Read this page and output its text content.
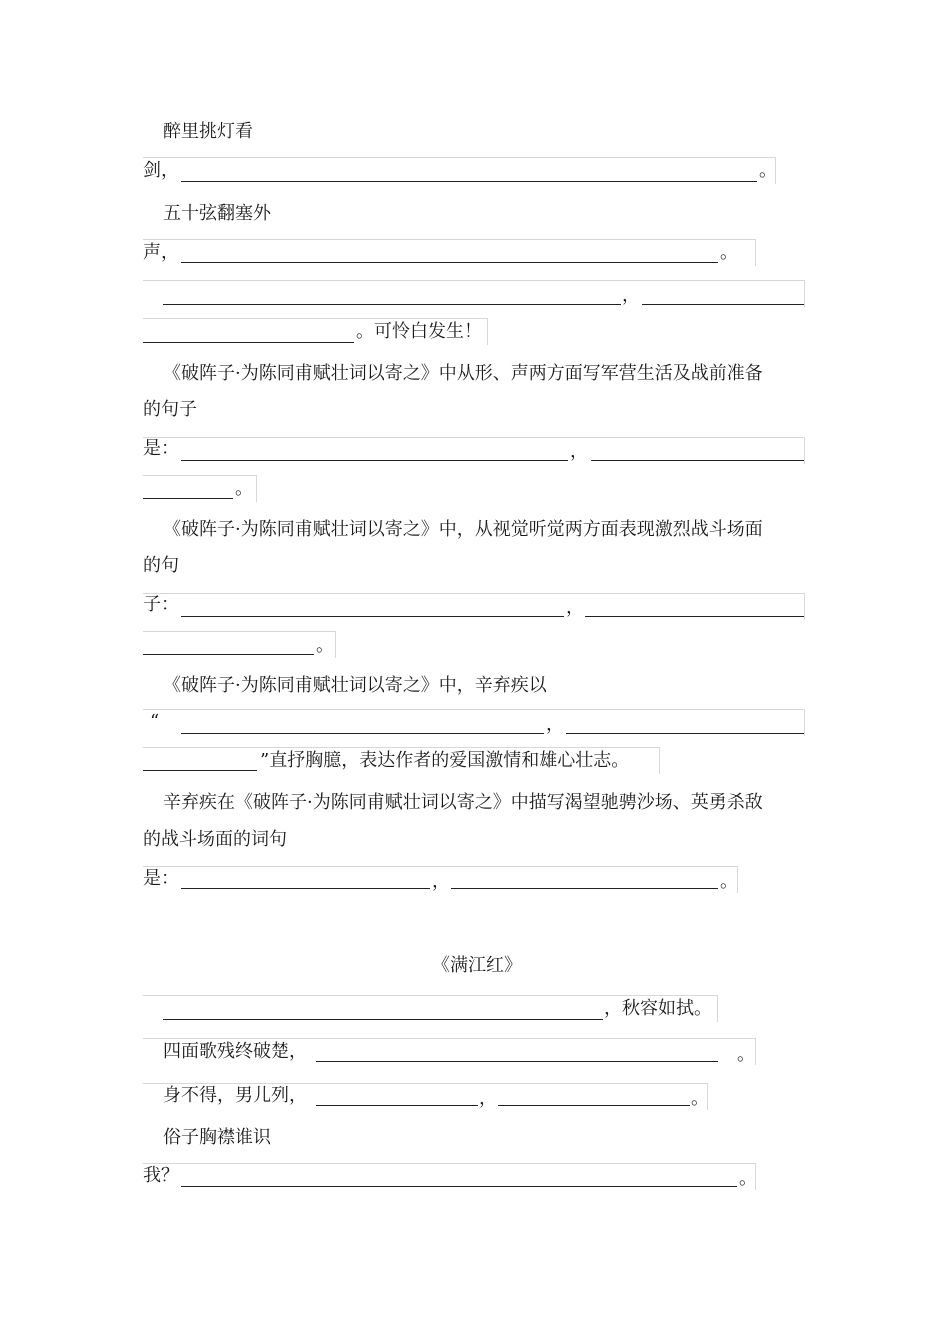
醉里挑灯看
剑，	。
五十弦翻塞外
声，	。
，
。可怜白发生！
《破阵子·为陈同甫赋壮词以寄之》中从形、声两方面写军营生活及战前准备
的句子
是：	，
。
《破阵子·为陈同甫赋壮词以寄之》中，从视觉听觉两方面表现激烈战斗场面
的句
子：	，
。
《破阵子·为陈同甫赋壮词以寄之》中，辛弃疾以
“	，
”直抒胸臆，表达作者的爱国激情和雄心壮志。
辛弃疾在《破阵子·为陈同甫赋壮词以寄之》中描写渴望驰骋沙场、英勇杀敌
的战斗场面的词句
是：	，	。
《满江红》
，秋容如拭。
四面歌残终破楚，	。
身不得，男儿列，	，	。
俗子胸襟谁识
我？	。
